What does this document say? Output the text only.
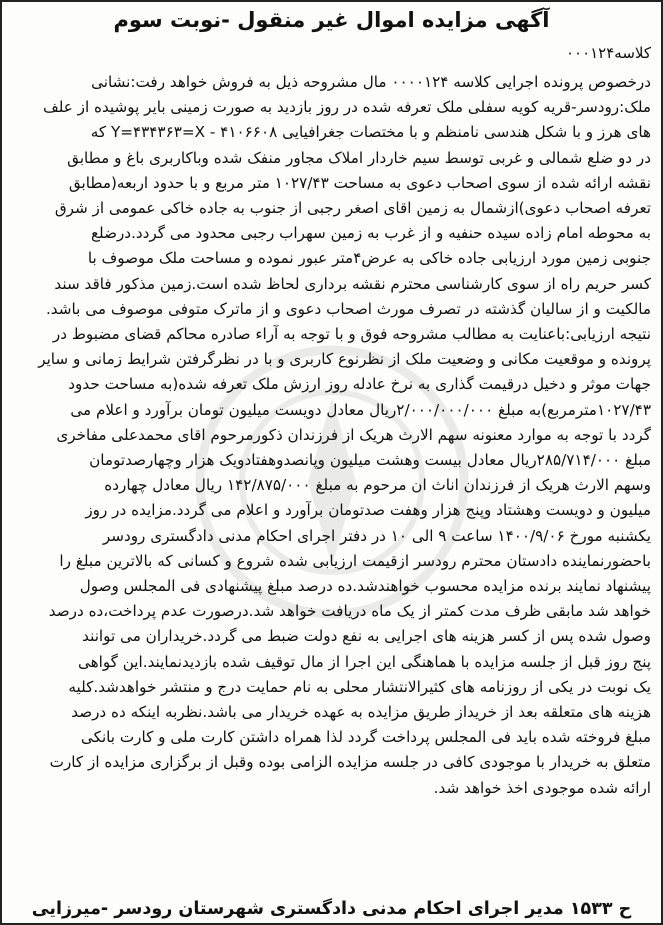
آگهی مزایده اموال غیر منقول -نوبت سوم
کلاسه۰۰۰۱۲۴
درخصوص پرونده اجرایی کلاسه ۰۰۰۰۱۲۴ مال مشروحه ذیل به فروش خواهد رفت:نشانی
ملک:رودسر-قریه کویه سفلی ملک تعرفه شده در روز بازدید به صورت زمینی بایر پوشیده از علف
های هرز و با شکل هندسی نامنظم و با مختصات جغرافیایی ۴۱۰۶۶۰۸ - Y=۴۳۴۳۶۳=X که
در دو ضلع شمالی و غربی توسط سیم خاردار املاک مجاور منفک شده وباکاربری باغ و مطابق
نقشه ارائه شده از سوی اصحاب دعوی به مساحت ۱۰۲۷/۴۳ متر مربع و با حدود اربعه(مطابق
تعرفه اصحاب دعوی)ازشمال به زمین اقای اصغر رجبی از جنوب به جاده خاکی عمومی از شرق
به محوطه امام زاده سیده حنفیه و از غرب به زمین سهراب رجبی محدود می گردد.درضلع
جنوبی زمین مورد ارزیابی جاده خاکی به عرض۴متر عبور نموده و مساحت ملک موصوف با
کسر حریم راه از سوی کارشناسی محترم نقشه برداری لحاظ شده است.زمین مذکور فاقد سند
مالکیت و از سالیان گذشته در تصرف مورث اصحاب دعوی و از ماترک متوفی موصوف می باشد.
نتیجه ارزیابی:باعنایت به مطالب مشروحه فوق و با توجه به آراء صادره محاکم قضای مضبوط در
پرونده و موقعیت مکانی و وضعیت ملک از نظرنوع کاربری و با در نظرگرفتن شرایط زمانی و سایر
جهات موثر و دخیل درقیمت گذاری به نرخ عادله روز ارزش ملک تعرفه شده(به مساحت حدود
۱۰۲۷/۴۳مترمربع)به مبلغ ۲/۰۰۰/۰۰۰/۰۰۰ریال معادل دویست میلیون تومان برآورد و اعلام می
گردد با توجه به موارد معنونه سهم الارث هریک از فرزندان ذکورمرحوم اقای محمدعلی مفاخری
مبلغ ۲۸۵/۷۱۴/۰۰۰ریال معادل بیست وهشت میلیون وپانصدوهفتادویک هزار وچهارصدتومان
وسهم الارث هریک از فرزندان اناث ان مرحوم به مبلغ ۱۴۲/۸۷۵/۰۰۰ ریال معادل چهارده
میلیون و دویست وهشتاد وپنج هزار وهفت صدتومان برآورد و اعلام می گردد.مزایده در روز
یکشنبه مورخ ۱۴۰۰/۹/۰۶ ساعت ۹ الی ۱۰ در دفتر اجرای احکام مدنی دادگستری رودسر
باحضورنماینده دادستان محترم رودسر ازقیمت ارزیابی شده شروع و کسانی که بالاترین مبلغ را
پیشنهاد نمایند برنده مزایده محسوب خواهندشد.ده درصد مبلغ پیشنهادی فی المجلس وصول
خواهد شد مابقی ظرف مدت کمتر از یک ماه دریافت خواهد شد.درصورت عدم پرداخت،ده درصد
وصول شده پس از کسر هزینه های اجرایی به نفع دولت ضبط می گردد.خریداران می توانند
پنج روز قبل از جلسه مزایده با هماهنگی این اجرا از مال توقیف شده بازدیدنمایند.این گواهی
یک نوبت در یکی از روزنامه های کثیرالانتشار محلی به نام حمایت درج و منتشر خواهدشد.کلیه
هزینه های متعلقه بعد از خریداز طریق مزایده به عهده خریدار می باشد.نظربه اینکه ده درصد
مبلغ فروخته شده باید فی المجلس پرداخت گردد لذا همراه داشتن کارت ملی و کارت بانکی
متعلق به خریدار با موجودی کافی در جلسه مزایده الزامی بوده وقبل از برگزاری مزایده از کارت
ارائه شده موجودی اخذ خواهد شد.
ح ۱۵۳۳ مدیر اجرای احکام مدنی دادگستری شهرستان رودسر -میرزایی
